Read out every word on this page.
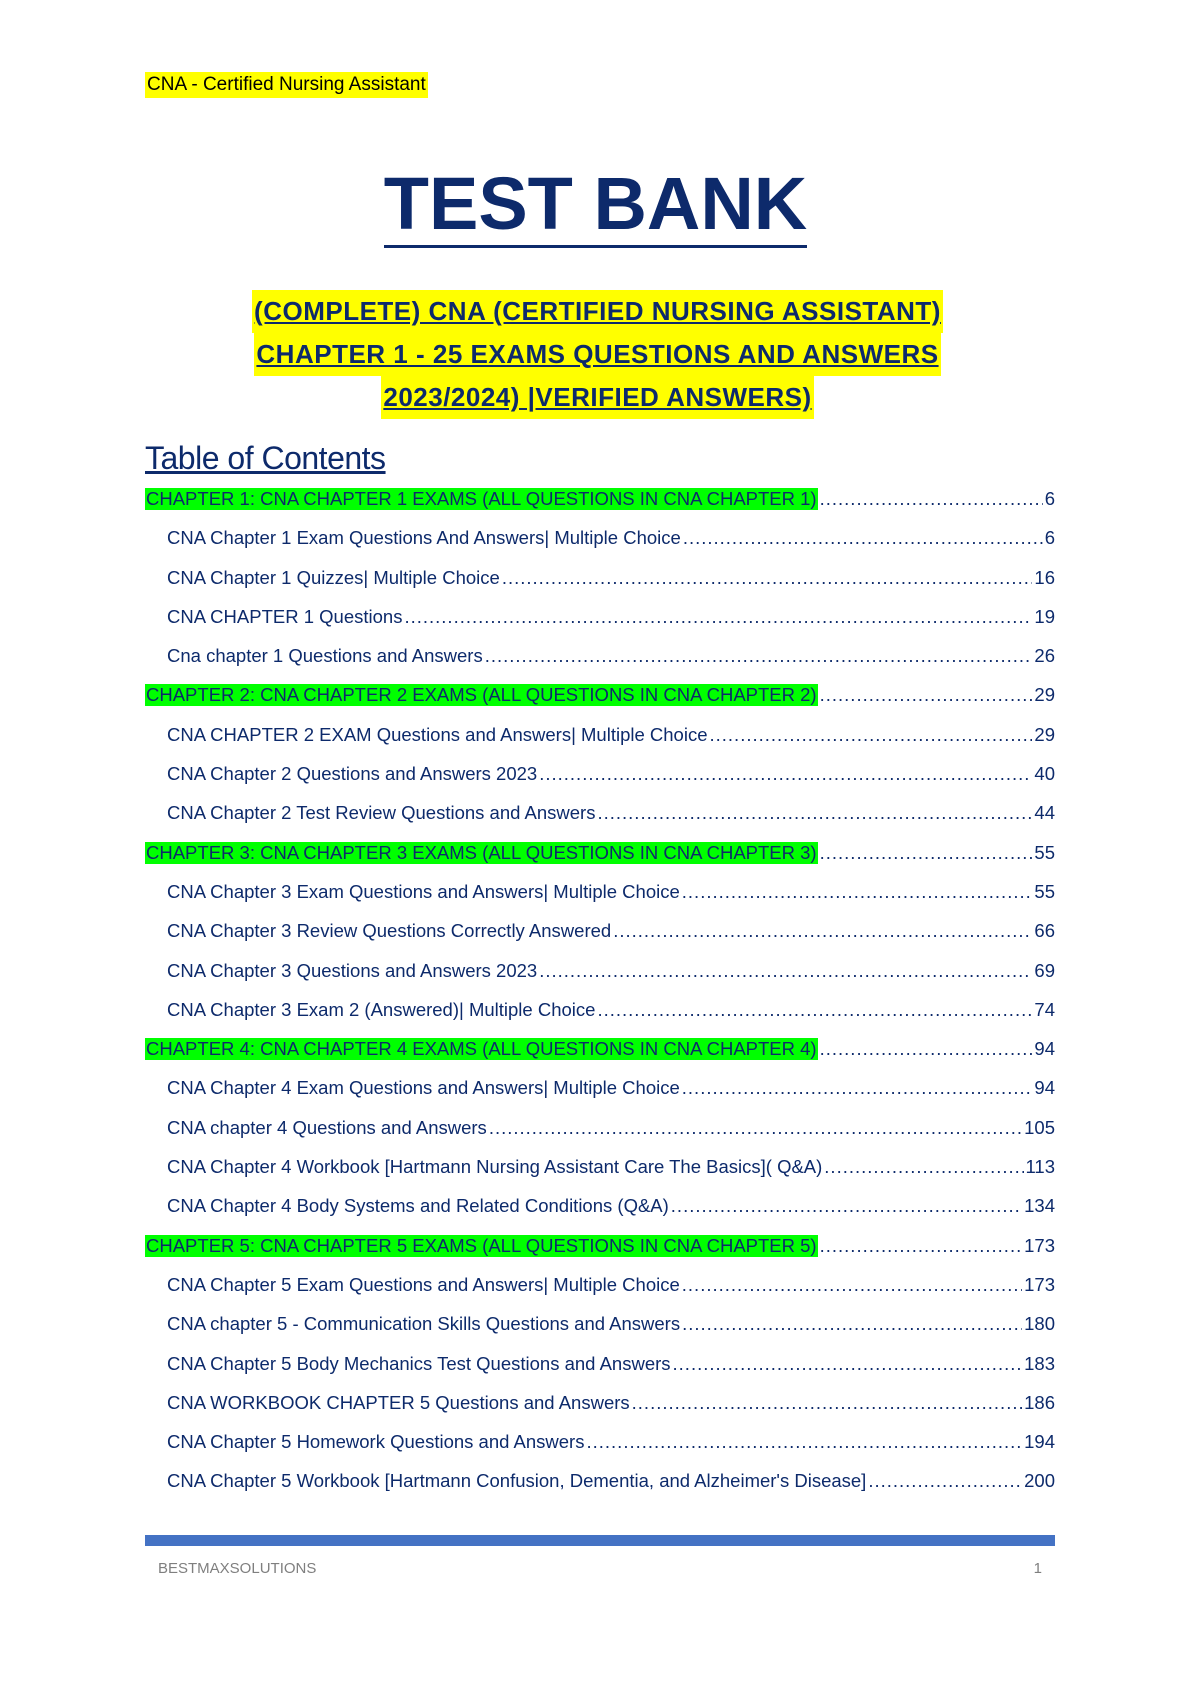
CNA - Certified Nursing Assistant
TEST BANK
(COMPLETE) CNA (CERTIFIED NURSING ASSISTANT)
CHAPTER 1 - 25 EXAMS QUESTIONS AND ANSWERS
2023/2024) |VERIFIED ANSWERS)
Table of Contents
CHAPTER 1: CNA CHAPTER 1 EXAMS (ALL QUESTIONS IN CNA CHAPTER 1) .....	6
CNA Chapter 1 Exam Questions And Answers| Multiple Choice .....	6
CNA Chapter 1 Quizzes| Multiple Choice .....	16
CNA CHAPTER 1 Questions .....	19
Cna chapter 1 Questions and Answers .....	26
CHAPTER 2: CNA CHAPTER 2 EXAMS (ALL QUESTIONS IN CNA CHAPTER 2) .....	29
CNA CHAPTER 2 EXAM Questions and Answers| Multiple Choice .....	29
CNA Chapter 2 Questions and Answers 2023 .....	40
CNA Chapter 2 Test Review Questions and Answers .....	44
CHAPTER 3: CNA CHAPTER 3 EXAMS (ALL QUESTIONS IN CNA CHAPTER 3) .....	55
CNA Chapter 3 Exam Questions and Answers| Multiple Choice .....	55
CNA Chapter 3 Review Questions Correctly Answered .....	66
CNA Chapter 3 Questions and Answers 2023 .....	69
CNA Chapter 3 Exam 2 (Answered)| Multiple Choice .....	74
CHAPTER 4: CNA CHAPTER 4 EXAMS (ALL QUESTIONS IN CNA CHAPTER 4) .....	94
CNA Chapter 4 Exam Questions and Answers| Multiple Choice .....	94
CNA chapter 4 Questions and Answers .....	105
CNA Chapter 4 Workbook [Hartmann Nursing Assistant Care The Basics]( Q&A) .....	113
CNA Chapter 4 Body Systems and Related Conditions (Q&A) .....	134
CHAPTER 5: CNA CHAPTER 5 EXAMS (ALL QUESTIONS IN CNA CHAPTER 5) .....	173
CNA Chapter 5 Exam Questions and Answers| Multiple Choice .....	173
CNA chapter 5 - Communication Skills Questions and Answers .....	180
CNA Chapter 5 Body Mechanics Test Questions and Answers .....	183
CNA WORKBOOK CHAPTER 5 Questions and Answers .....	186
CNA Chapter 5 Homework Questions and Answers .....	194
CNA Chapter 5 Workbook [Hartmann Confusion, Dementia, and Alzheimer's Disease] .....	200
BESTMAXSOLUTIONS	1
